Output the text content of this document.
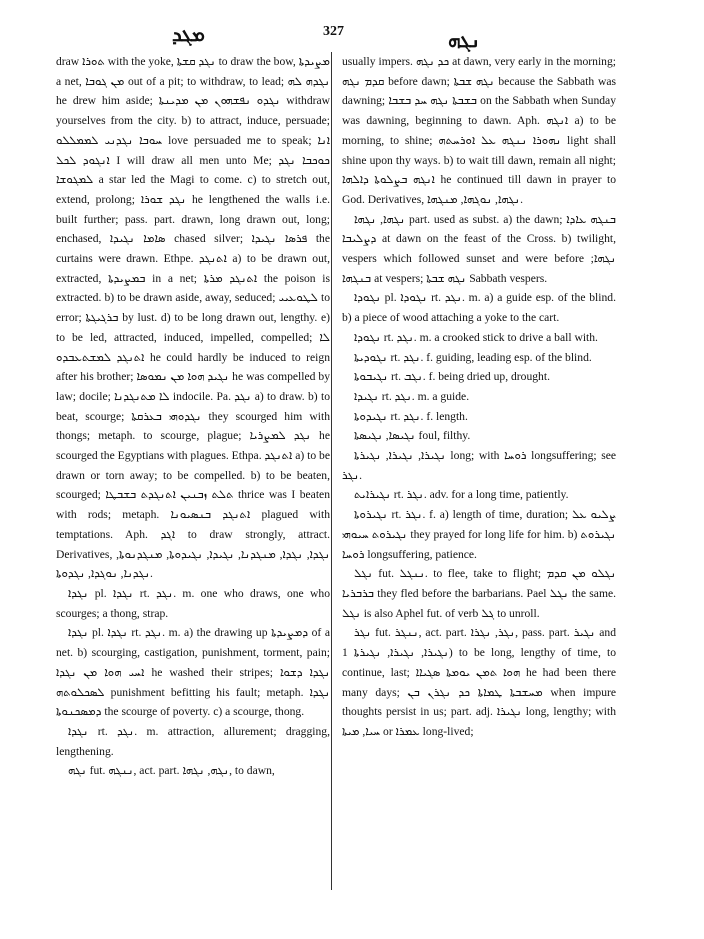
ܡܓܕ	327	ܢܓܗ

draw ܬܘܪܐ with the yoke, ܢܓܕ ܩܫܬܐ to draw the bow, ܡܨܝܕܬܐ a net, ܡܢ ܓܘܒܐ out of a pit; to withdraw, to lead; ܢܓܕܗ ܠܗ he drew him aside; ܢܓܕܘ ܢܦܫܗܘܢ ܡܢ ܡܕܝܢܬܐ withdraw yourselves from the city. b) to attract, induce, persuade; ܚܘܒܐ ܢܓܕܢܝ ܠܡܡܠܠܘ love persuaded me to speak; ܐܢܐ ܐܢܓܘܕ ܠܟܠ I will draw all men unto Me; ܟܘܟܒܐ ܢܓܕ ܠܡܓܘܫܐ a star led the Magi to come. c) to stretch out, extend, prolong; ܢܓܕ ܫܘܪܐ he lengthened the walls i.e. built further; pass. part. drawn, long drawn out, long; enchased, ܣܐܡܐ ܢܓܝܕܐ chased silver; ܦܪܣܐ ܢܓܝܕܐ the curtains were drawn. Ethpe. ܐܬܢܓܕ a) to be drawn out, extracted, ܒܡܨܝܕܬܐ in a net; ܐܬܢܓܕ ܡܪܬܐ the poison is extracted. b) to be drawn aside, away, seduced; ܠܛܘܥܝܝ to error; ܒܪܓܝܓܬܐ by lust. d) to be long drawn out, lengthy. e) to be led, attracted, induced, impelled, compelled; ܠܐ ܐܬܢܓܕ ܠܡܫܬܥܒܕܘ he could hardly be induced to reign after his brother; ܢܓܝܕ ܗܘܐ ܡܢ ܢܡܘܣܐ he was compelled by law; docile; ܠܐ ܡܬܢܓܕܢܐ indocile. Pa. ܢܓܕ a) to draw. b) to beat, scourge; ܢܓܕܘܗܝ ܒܥܪܩܬܐ they scourged him with thongs; metaph. to scourge, plague; ܢܓܕ ܠܡܨܪܝܐ he scourged the Egyptians with plagues. Ethpa. ܐܬܢܓܕ a) to be drawn or torn away; to be compelled. b) to be beaten, scourged; ܬܠܬ ܙܒܢܝܢ ܐܬܢܓܕܬ ܒܫܒܛܐ thrice was I beaten with rods; metaph. ܐܬܢܓܕ ܒܢܣܝܘܢܐ plagued with temptations. Aph. ܐܓܕ to draw strongly, attract. Derivatives, ܢܓܕܐ, ܢܓܕܐ, ܡܢܓܕܢܐ, ܢܓܝܕܐ, ܢܓܝܕܘܬܐ, ܡܢܓܕܢܘܬܐ, ܢܓܕܢܐ, ܢܘܓܕܐ, ܢܓܕܘܬܐ.

ܢܓܕܐ pl. ܢܓܕܐ rt. ܢܓܕ. m. one who draws, one who scourges; a thong, strap.

ܢܓܕܐ pl. ܢܓܕܐ rt. ܢܓܕ. m. a) the drawing up ܕܡܨܝܕܬܐ of a net. b) scourging, castigation, punishment, torment, pain; ܐܚܝ ܗܘܐ ܡܢ ܢܓܕܐ he washed their stripes; ܢܓܕܐ ܕܫܘܐ ܠܣܟܠܘܬܗ punishment befitting his fault; metaph. ܢܓܕܐ ܕܡܣܟܢܘܬܐ the scourge of poverty. c) a scourge, thong.

ܢܓܕܐ rt. ܢܓܕ. m. attraction, allurement; dragging, lengthening.

ܢܓܗ fut. ܢܢܓܗ, act. part. ܢܓܗ, ܢܓܗܐ, to dawn,

usually impers. ܟܕ ܢܓܗ at dawn, very early in the morning; ܩܕܡ ܢܓܗ before dawn; ܢܓܗ ܫܒܬܐ because the Sabbath was dawning; ܒܫܒܬܐ ܢܓܗ ܚܕ ܒܫܒܐ on the Sabbath when Sunday was dawning, beginning to dawn. Aph. ܐܢܓܗ a) to be morning, to shine; ܢܗܘܪܐ ܢܢܓܗ ܥܠ ܐܘܪܚܬܗ light shall shine upon thy ways. b) to wait till dawn, remain all night; ܐܢܓܗ ܒܨܠܘܬܐ ܕܐܠܗܐ he continued till dawn in prayer to God. Derivatives, ܢܓܗܐ, ܢܘܓܗܐ, ܡܢܓܗܐ.

ܢܓܗܐ, ܢܓܗܐ part. used as subst. a) the dawn; ܒܢܓܗ ܥܐܕܐ ܕܨܠܝܒܐ at dawn on the feast of the Cross. b) twilight, vespers which followed sunset and were before ܢܓܗܐ; ܒܢܓܗܐ at vespers; ܢܓܗ ܫܒܬܐ Sabbath vespers.

ܢܓܘܕܐ pl. ܢܓܘܕܐ rt. ܢܓܕ. m. a) a guide esp. of the blind. b) a piece of wood attaching a yoke to the cart.

ܢܓܘܕܐ rt. ܢܓܕ. m. a crooked stick to drive a ball with.

ܢܓܘܕܝܬܐ rt. ܢܓܕ. f. guiding, leading esp. of the blind.

ܢܓܝܒܘܬܐ rt. ܢܓܒ. f. being dried up, drought.

ܢܓܝܕܐ rt. ܢܓܕ. m. a guide.

ܢܓܝܕܘܬܐ rt. ܢܓܕ. f. length.

ܢܓܝܣܐ, ܢܓܝܣܬܐ foul, filthy.

ܢܓܝܪܐ, ܢܓܝܪܐ, ܢܓܝܪܬܐ long; with ܪܘܚܐ longsuffering; see ܢܓܪ.

ܢܓܝܪܐܝܬ rt. ܢܓܪ. adv. for a long time, patiently.

ܢܓܝܪܘܬܐ rt. ܢܓܪ. f. a) length of time, duration; ܨܠܝܘ ܥܠ ܢܓܝܪܘܬ ܚܝܘܗܝ they prayed for long life for him. b) ܢܓܝܪܘܬ ܪܘܚܐ longsuffering, patience.

ܢܓܠ fut. ܢܢܓܠ. to flee, take to flight; ܢܓܠܘ ܡܢ ܩܕܡ ܒܪܒܪܝܐ they fled before the barbarians. Pael ܢܓܠ the same. ܢܓܠ is also Aphel fut. of verb ܓܠ to unroll.

ܢܓܪ fut. ܢܢܓܪ, act. part. ܢܓܪ, ܢܓܪܐ, pass. part. ܢܓܝܪ and ܢܓܝܪܐ, ܢܓܝܪܐ, ܢܓܝܪܬܐ 1) to be long, lengthy of time, to continue, last; ܗܘܐ ܬܡܢ ܝܘܡܬܐ ܣܓܝܐܐ he had been there many days; ܡܚܫܒܬܐ ܛܡܐܬܐ ܟܕ ܢܓܪܢ ܒܢ when impure thoughts persist in us; part. adj. ܢܓܝܪܐ long, lengthy; with ܚܝܐ, ܡܝܬܐ or ܥܡܪܐ long-lived;
